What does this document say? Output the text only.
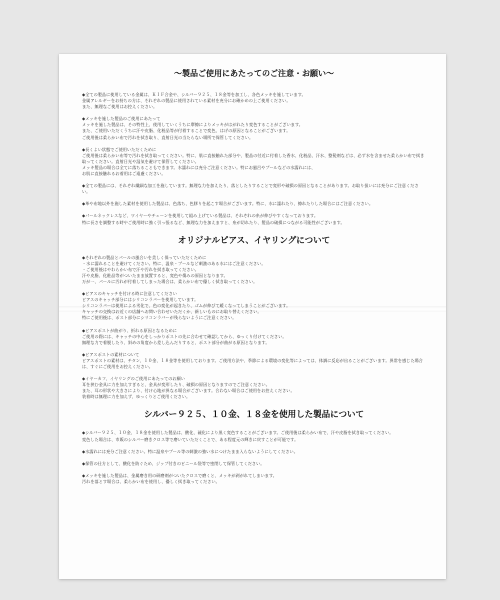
～製品ご使用にあたってのご注意・お願い～
◆全ての製品に使用している金属は、ＫＩＦ合金や、シルバー９２５、１８金等を加工し、各色メッキを施しています。
金属アレルギーをお持ちの方は、それぞれの製品に使用されている素材を充分にお確かめの上ご使用ください。
また、無理なご使用はお控えください。
◆メッキを施した製品のご使用にあたって
メッキを施した製品は、その特性上、使用していくうちに摩擦によりメッキがはがれたり変色することがございます。
また、ご使用いただくうちに汗や皮脂、化粧品等が付着することで変色、はげの原因となることがございます。
ご使用後は柔らかい布で汚れを拭き取り、直射日光の当たらない場所で保管してください。
◆長くよい状態でご使用いただくために
ご使用後は柔らかい布等で汚れを拭き取ってください。特に、肌に直接触れた部分や、製品の付近に付着した香水、化粧品、汗水、整髪剤などは、必ず水を含ませた柔らかい布で拭き取ってください。直射日光や湿気を避けて保管してください。
メッキ製品の場合は全てに落ちることもできます。水濡れには充分ご注意ください。特にお風呂やプールなどの水濡れには、
お肌に直接触れるお着用はご遠慮ください。
◆全ての製品には、それぞれ繊細な加工を施しています。無理な力を加えたり、落としたりすることで変形や破損の原因となることがあります。お取り扱いには充分にご注意ください。
◆革や布地以外を施した素材を使用した製品は、色落ち、色移りを起こす場合がございます。特に、水に濡れたり、擦れたりした場合にはご注意ください。
◆パールネックレスなど、ワイヤーやチェーンを使用して組み上げている製品は、それぞれの糸が伸びやすくなっております。
特に長さを調整する時やご使用時に強く引っ張るなど、無理な力を加えますと、糸が切れたり、製品の破損につながる可能性がございます。
オリジナルピアス、イヤリングについて
◆それぞれの製品とパールの風合いを美しく保っていただくために
・水に濡れることを避けてください。特に、温泉・プールなど刺激のある水にはご注意ください。
・ご使用後はやわらかい布で汗や汚れを拭き取ってください。
汗や皮脂、化粧品等がついたまま放置すると、変色や傷みの原因となります。
万が一、パールに汚れが付着してしまった場合は、柔らかい布で優しく拭き取ってください。
◆ピアスのキャッチを付ける時に注意してください
ピアスのキャッチ部分にはシリコンラバーを使用しています。
シリコンラバーは使用による劣化で、色の変化が起きたり、ゴムが伸びて緩くなってしまうことがございます。
キャッチの交換はお近くの店舗へお問い合わせいただくか、新しいものにお取り替えください。
特にご使用後は、ポスト部分にシリコンラバーが残らないようにご注意ください。
◆ピアスポストが曲がり、折れる原因となるために
ご使用の際には、キャッチの中心をしっかりポストの先に合わせて確認してから、ゆっくり付けてください。
無理な力で着脱したり、斜めの角度から差し込んだりすると、ポスト部分が曲がる原因となります。
◆ピアスポストの素材について
ピアスポストの素材は、チタン、１０金、１８金等を使用しております。ご使用方法や、季節による環境の変化等によっては、体調に反応が出ることがございます。異常を感じた場合は、すぐにご使用をお控えください。
◆イヤーカフ、イヤリングのご使用にあたってのお願い
耳を挟む金具に力を加えすぎると、金具が変形したり、破損の原因となりますのでご注意ください。
また、耳の形状や大きさにより、付け心地が異なる場合がございます。合わない場合はご使用をお控えください。
装着時は無理に力を加えず、ゆっくりとご使用ください。
シルバー９２５、１０金、１８金を使用した製品について
◆シルバー９２５、１０金、１８金を使用した製品は、酸化、硫化により黒く変色することがございます。ご使用後は柔らかい布で、汗や皮脂を拭き取ってください。
変色した場合は、市販のシルバー磨きクロス等で磨いていただくことで、ある程度元の輝きに戻すことが可能です。
◆水濡れには充分ご注意ください。特に温泉やプール等の刺激の強い水につけたまま入らないようにしてください。
◆保管の仕方として、酸化を防ぐため、ジップ付きのビニール袋等で密閉して保管してください。
◆メッキを施した製品は、金属磨き用の研磨剤がついたクロスで磨くと、メッキが剥がれてしまいます。
汚れを落とす場合は、柔らかい布を使用し、優しく拭き取ってください。
